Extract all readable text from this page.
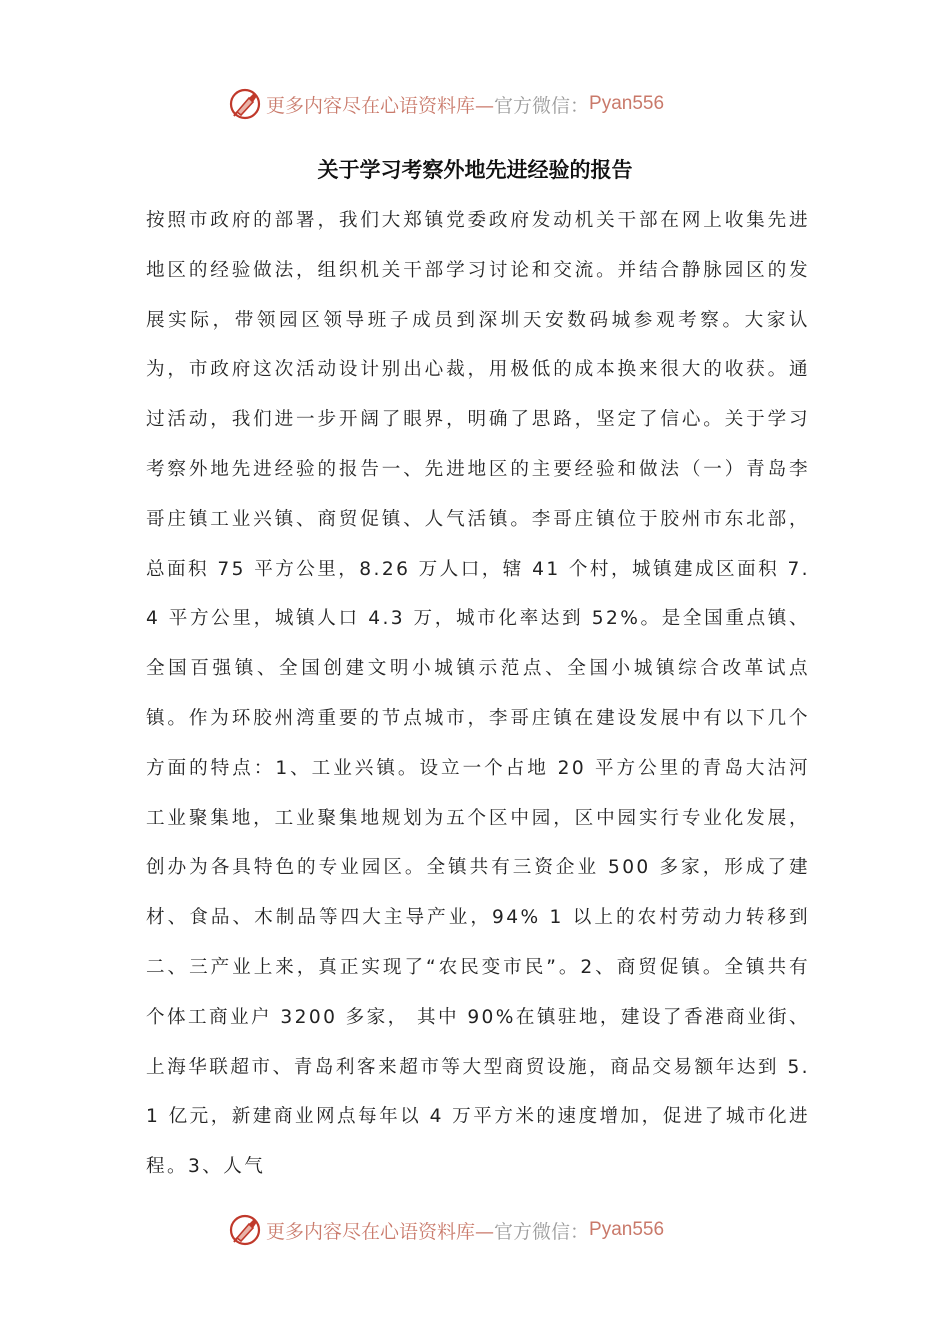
更多内容尽在心语资料库— 官方微信： Pyan556
关于学习考察外地先进经验的报告

按照市政府的部署，我们大郑镇党委政府发动机关干部在网上收集先进地区的经验做法，组织机关干部学习讨论和交流。并结合静脉园区的发展实际，带领园区领导班子成员到深圳天安数码城参观考察。大家认为，市政府这次活动设计别出心裁，用极低的成本换来很大的收获。通过活动，我们进一步开阔了眼界，明确了思路，坚定了信心。关于学习考察外地先进经验的报告一、先进地区的主要经验和做法（一）青岛李哥庄镇工业兴镇、商贸促镇、人气活镇。李哥庄镇位于胶州市东北部，总面积 75 平方公里，8.26 万人口，辖 41 个村，城镇建成区面积 7.4 平方公里，城镇人口 4.3 万，城市化率达到 52%。是全国重点镇、全国百强镇、全国创建文明小城镇示范点、全国小城镇综合改革试点镇。作为环胶州湾重要的节点城市，李哥庄镇在建设发展中有以下几个方面的特点：1、工业兴镇。设立一个占地 20 平方公里的青岛大沽河工业聚集地，工业聚集地规划为五个区中园，区中园实行专业化发展，创办为各具特色的专业园区。全镇共有三资企业 500 多家，形成了建材、食品、木制品等四大主导产业，94% 1 以上的农村劳动力转移到二、三产业上来，真正实现了“农民变市民”。2、商贸促镇。全镇共有个体工商业户 3200 多家， 其中 90%在镇驻地，建设了香港商业街、上海华联超市、青岛利客来超市等大型商贸设施，商品交易额年达到 5.1 亿元，新建商业网点每年以 4 万平方米的速度增加，促进了城市化进程。3、人气

更多内容尽在心语资料库— 官方微信： Pyan556
